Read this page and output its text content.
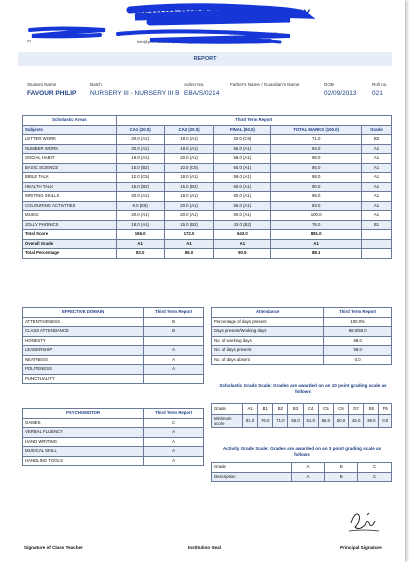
ex
PEDRO DISCOVERY ACADEMY
IKORODU, LAGOS STATE
Info@pedrodiscoveryacademy.com
REPORT
Student Name
FAVOUR PHILIP
Batch
NURSERY III - NURSERY III B
Admn No.
EBA/S/0214
Father's Name / Guardian's Name	DOB
02/09/2013
Roll no.
021
Scholastic Areas	Third Term Report				
Subjects	CA1 (20.0)	CA2 (20.0)	FINAL (60.0)	TOTAL MARKS (100.0)	Grade
LETTER WORK	20.0 (A1)	18.0 (A1)	33.0 (C6)	71.0	B2
NUMBER WORK	20.0 (A1)	18.0 (A1)	55.0 (A1)	94.0	A1
SOCIAL HABIT	18.0 (A1)	20.0 (A1)	58.0 (A1)	96.0	A1
BASIC SCIENCE	15.0 (B2)	10.0 (C6)	60.0 (A1)	85.0	A1
BIBLE TALK	12.0 (C5)	18.0 (A1)	58.0 (A1)	88.0	A1
HEALTH TALK	15.0 (B2)	15.0 (B2)	60.0 (A1)	90.0	A1
WRITING SKILLS	20.0 (A1)	18.0 (A1)	60.0 (A1)	98.0	A1
COLOURING ACTIVITIES	8.0 (E8)	20.0 (A1)	55.0 (A1)	83.0	A1
MUSIC	20.0 (A1)	20.0 (A1)	60.0 (A1)	100.0	A1
JOLLY PHONICS	18.0 (A1)	15.0 (B2)	43.0 (B2)	76.0	B1
Total Score	166.0	172.0	543.0	881.0	
Overall Grade	A1	A1	A1	A1	
Total Percentage	83.0	86.0	90.5	88.1	
EFFECTIVE DOMAIN	Third Term Report
ATTENTIVENESS	B
CLASS ATTENDANCE	B
HONESTY	
LEADERSHIP	A
NEATNESS	A
POLITENESS	A
PUNCTUALITY	
Attendance	Third Term Report
Percentage of days present	100.0%
Days present/Working days	58.0/58.0
No. of working days	58.0
No. of days present	58.0
No. of days absent	0.0
PSYCHOMOTOR	Third Term Report
GAMES	C
VERBAL FLUENCY	A
HAND WRITING	A
MUSICAL SKILL	A
HANDLING TOOLS	A
Scholastic Grade Scale: Grades are awarded on an 10 point grading scale as follows
Grade	A1	B1	B2	B3	C4	C5	C6	D7	E8	F9
Minimum score	81.0	76.0	71.0	66.0	61.0	56.0	50.0	45.0	39.0	0.0
Activity Grade Scale: Grades are awarded on an 3 point grading scale as follows
Grade	A	B	C
Description	A	B	C
Signature of Class Teacher	Institution Seal	Principal Signature
